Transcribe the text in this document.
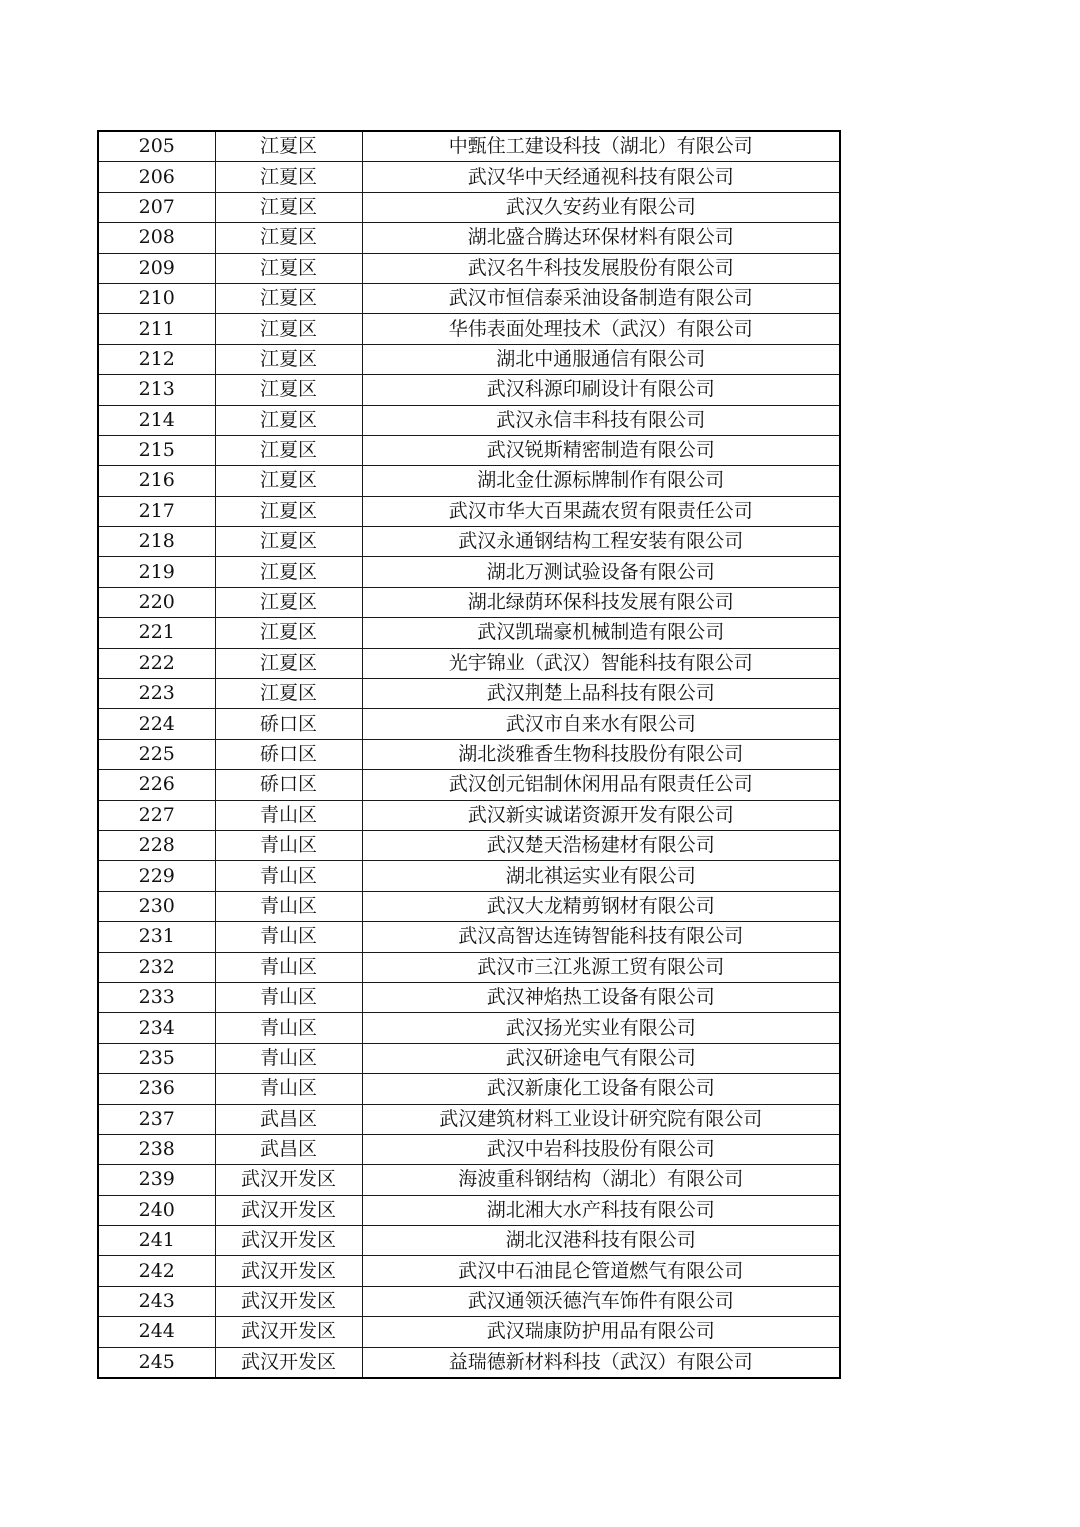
205	江夏区	中甄住工建设科技（湖北）有限公司
206	江夏区	武汉华中天经通视科技有限公司
207	江夏区	武汉久安药业有限公司
208	江夏区	湖北盛合腾达环保材料有限公司
209	江夏区	武汉名牛科技发展股份有限公司
210	江夏区	武汉市恒信泰采油设备制造有限公司
211	江夏区	华伟表面处理技术（武汉）有限公司
212	江夏区	湖北中通服通信有限公司
213	江夏区	武汉科源印刷设计有限公司
214	江夏区	武汉永信丰科技有限公司
215	江夏区	武汉锐斯精密制造有限公司
216	江夏区	湖北金仕源标牌制作有限公司
217	江夏区	武汉市华大百果蔬农贸有限责任公司
218	江夏区	武汉永通钢结构工程安装有限公司
219	江夏区	湖北万测试验设备有限公司
220	江夏区	湖北绿荫环保科技发展有限公司
221	江夏区	武汉凯瑞豪机械制造有限公司
222	江夏区	光宇锦业（武汉）智能科技有限公司
223	江夏区	武汉荆楚上品科技有限公司
224	硚口区	武汉市自来水有限公司
225	硚口区	湖北淡雅香生物科技股份有限公司
226	硚口区	武汉创元铝制休闲用品有限责任公司
227	青山区	武汉新实诚诺资源开发有限公司
228	青山区	武汉楚天浩杨建材有限公司
229	青山区	湖北祺运实业有限公司
230	青山区	武汉大龙精剪钢材有限公司
231	青山区	武汉高智达连铸智能科技有限公司
232	青山区	武汉市三江兆源工贸有限公司
233	青山区	武汉神焰热工设备有限公司
234	青山区	武汉扬光实业有限公司
235	青山区	武汉研途电气有限公司
236	青山区	武汉新康化工设备有限公司
237	武昌区	武汉建筑材料工业设计研究院有限公司
238	武昌区	武汉中岩科技股份有限公司
239	武汉开发区	海波重科钢结构（湖北）有限公司
240	武汉开发区	湖北湘大水产科技有限公司
241	武汉开发区	湖北汉港科技有限公司
242	武汉开发区	武汉中石油昆仑管道燃气有限公司
243	武汉开发区	武汉通领沃德汽车饰件有限公司
244	武汉开发区	武汉瑞康防护用品有限公司
245	武汉开发区	益瑞德新材料科技（武汉）有限公司
